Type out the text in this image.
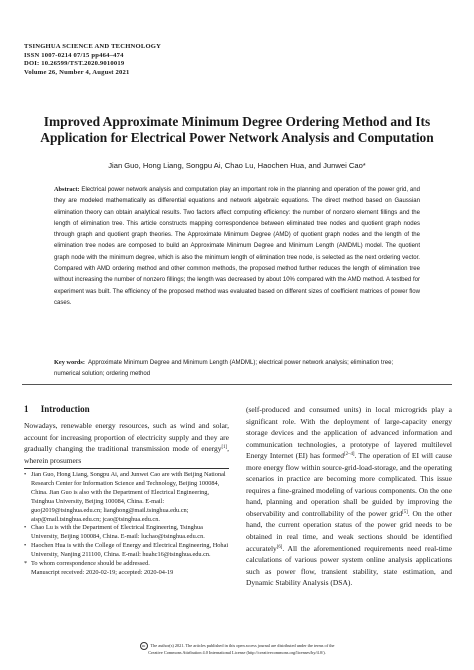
TSINGHUA SCIENCE AND TECHNOLOGY
ISSN 1007-0214 07/15 pp464–474
DOI: 10.26599/TST.2020.9010019
Volume 26, Number 4, August 2021
Improved Approximate Minimum Degree Ordering Method and Its
Application for Electrical Power Network Analysis and Computation
Jian Guo, Hong Liang, Songpu Ai, Chao Lu, Haochen Hua, and Junwei Cao*
Abstract: Electrical power network analysis and computation play an important role in the planning and operation of the power grid, and they are modeled mathematically as differential equations and network algebraic equations. The direct method based on Gaussian elimination theory can obtain analytical results. Two factors affect computing efficiency: the number of nonzero element fillings and the length of elimination tree. This article constructs mapping correspondence between eliminated tree nodes and quotient graph nodes through graph and quotient graph theories. The Approximate Minimum Degree (AMD) of quotient graph nodes and the length of the elimination tree nodes are composed to build an Approximate Minimum Degree and Minimum Length (AMDML) model. The quotient graph node with the minimum degree, which is also the minimum length of elimination tree node, is selected as the next ordering vector. Compared with AMD ordering method and other common methods, the proposed method further reduces the length of elimination tree without increasing the number of nonzero fillings; the length was decreased by about 10% compared with the AMD method. A testbed for experiment was built. The efficiency of the proposed method was evaluated based on different sizes of coefficient matrices of power flow cases.
Key words: Approximate Minimum Degree and Minimum Length (AMDML); electrical power network analysis; elimination tree; numerical solution; ordering method
1 Introduction

Nowadays, renewable energy resources, such as wind and solar, account for increasing proportion of electricity supply and they are gradually changing the traditional transmission mode of energy[1], wherein prosumers

• Jian Guo, Hong Liang, Songpu Ai, and Junwei Cao are with Beijing National Research Center for Information Science and Technology, Beijing 100084, China. Jian Guo is also with the Department of Electrical Engineering, Tsinghua University, Beijing 100084, China. E-mail: guoj2019@tsinghua.edu.cn; lianghong@mail.tsinghua.edu.cn; aisp@mail.tsinghua.edu.cn; jcao@tsinghua.edu.cn.

• Chao Lu is with the Department of Electrical Engineering, Tsinghua University, Beijing 100084, China. E-mail: luchao@tsinghua.edu.cn.

• Haochen Hua is with the College of Energy and Electrical Engineering, Hohai University, Nanjing 211100, China. E-mail: huahc16@tsinghua.edu.cn.

* To whom correspondence should be addressed.

Manuscript received: 2020-02-19; accepted: 2020-04-19

(self-produced and consumed units) in local microgrids play a significant role. With the deployment of large-capacity energy storage devices and the application of advanced information and communication technologies, a prototype of layered multilevel Energy Internet (EI) has formed[2–4]. The operation of EI will cause more energy flow within source-grid-load-storage, and the operating scenarios in practice are becoming more complicated. This issue requires a fine-grained modeling of various components. On the one hand, planning and operation shall be guided by improving the observability and controllability of the power grid[5]. On the other hand, the current operation status of the power grid needs to be obtained in real time, and weak sections should be identified accurately[6]. All the aforementioned requirements need real-time calculations of various power system online analysis applications such as power flow, transient stability, state estimation, and Dynamic Stability Analysis (DSA).

cc The author(s) 2021. The articles published in this open access journal are distributed under the terms of the
Creative Commons Attribution 4.0 International License (http://creativecommons.org/licenses/by/4.0/).
